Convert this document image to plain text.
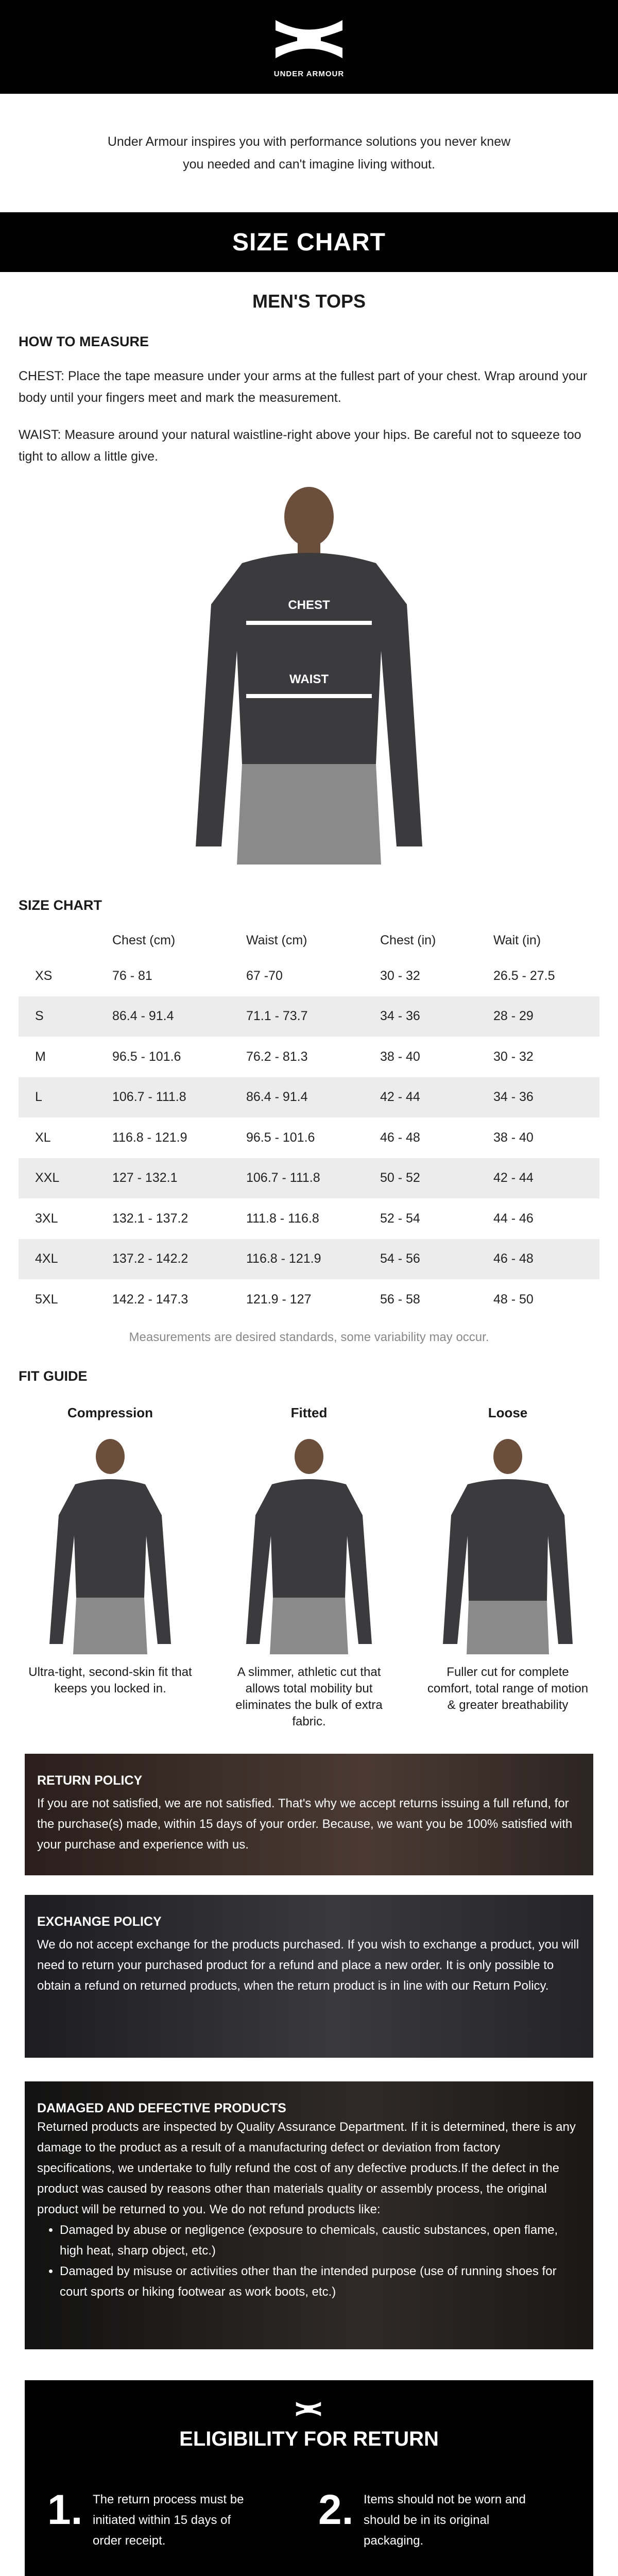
UNDER ARMOUR
Under Armour inspires you with performance solutions you never knew you needed and can't imagine living without.
SIZE CHART
MEN'S TOPS
HOW TO MEASURE

CHEST: Place the tape measure under your arms at the fullest part of your chest. Wrap around your body until your fingers meet and mark the measurement.

WAIST: Measure around your natural waistline-right above your hips. Be careful not to squeeze too tight to allow a little give.

CHEST
WAIST
SIZE CHART
	Chest (cm)	Waist (cm)	Chest (in)	Wait (in)
XS	76 - 81	67 -70	30 - 32	26.5 - 27.5
S	86.4 - 91.4	71.1 - 73.7	34 - 36	28 - 29
M	96.5 - 101.6	76.2 - 81.3	38 - 40	30 - 32
L	106.7 - 111.8	86.4 - 91.4	42 - 44	34 - 36
XL	116.8 - 121.9	96.5 - 101.6	46 - 48	38 - 40
XXL	127 - 132.1	106.7 - 111.8	50 - 52	42 - 44
3XL	132.1 - 137.2	111.8 - 116.8	52 - 54	44 - 46
4XL	137.2 - 142.2	116.8 - 121.9	54 - 56	46 - 48
5XL	142.2 - 147.3	121.9 - 127	56 - 58	48 - 50
Measurements are desired standards, some variability may occur.
FIT GUIDE
Compression
Ultra-tight, second-skin fit that keeps you locked in.
Fitted
A slimmer, athletic cut that allows total mobility but eliminates the bulk of extra fabric.
Loose
Fuller cut for complete comfort, total range of motion & greater breathability
RETURN POLICY

If you are not satisfied, we are not satisfied. That's why we accept returns issuing a full refund, for the purchase(s) made, within 15 days of your order. Because, we want you be 100% satisfied with your purchase and experience with us.

EXCHANGE POLICY

We do not accept exchange for the products purchased. If you wish to exchange a product, you will need to return your purchased product for a refund and place a new order. It is only possible to obtain a refund on returned products, when the return product is in line with our Return Policy.

DAMAGED AND DEFECTIVE PRODUCTS

Returned products are inspected by Quality Assurance Department. If it is determined, there is any damage to the product as a result of a manufacturing defect or deviation from factory specifications, we undertake to fully refund the cost of any defective products.If the defect in the product was caused by reasons other than materials quality or assembly process, the original product will be returned to you. We do not refund products like:

• Damaged by abuse or negligence (exposure to chemicals, caustic substances, open flame, high heat, sharp object, etc.)
• Damaged by misuse or activities other than the intended purpose (use of running shoes for court sports or hiking footwear as work boots, etc.)
ELIGIBILITY FOR RETURN
1. The return process must be initiated within 15 days of order receipt.
2. Items should not be worn and should be in its original packaging.
